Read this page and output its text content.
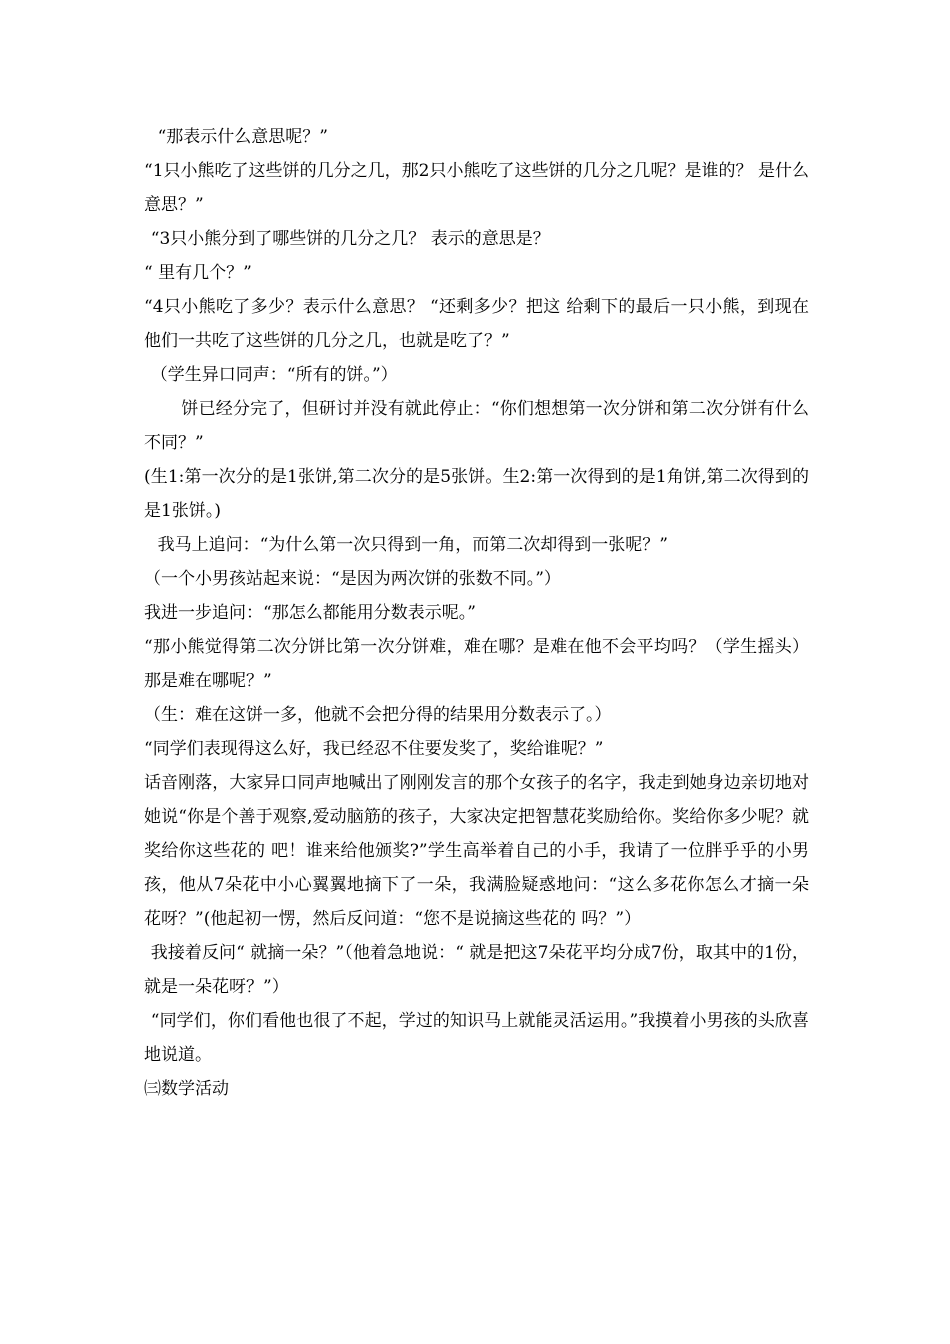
“那表示什么意思呢？”

“1只小熊吃了这些饼的几分之几，那2只小熊吃了这些饼的几分之几呢？是谁的？ 是什么意思？”

“3只小熊分到了哪些饼的几分之几？ 表示的意思是？

“ 里有几个？”

“4只小熊吃了多少？表示什么意思？ “还剩多少？把这 给剩下的最后一只小熊，到现在他们一共吃了这些饼的几分之几，也就是吃了？”

（学生异口同声：“所有的饼。”）

饼已经分完了，但研讨并没有就此停止：“你们想想第一次分饼和第二次分饼有什么不同？”

(生1:第一次分的是1张饼,第二次分的是5张饼。生2:第一次得到的是1角饼,第二次得到的是1张饼。)

我马上追问：“为什么第一次只得到一角，而第二次却得到一张呢？”

（一个小男孩站起来说：“是因为两次饼的张数不同。”）

我进一步追问：“那怎么都能用分数表示呢。”

“那小熊觉得第二次分饼比第一次分饼难，难在哪？是难在他不会平均吗？（学生摇头）那是难在哪呢？”

（生：难在这饼一多，他就不会把分得的结果用分数表示了。）

“同学们表现得这么好，我已经忍不住要发奖了，奖给谁呢？”

话音刚落，大家异口同声地喊出了刚刚发言的那个女孩子的名字，我走到她身边亲切地对她说“你是个善于观察,爱动脑筋的孩子，大家决定把智慧花奖励给你。奖给你多少呢？就奖给你这些花的 吧！谁来给他颁奖?”学生高举着自己的小手，我请了一位胖乎乎的小男孩，他从7朵花中小心翼翼地摘下了一朵，我满脸疑惑地问：“这么多花你怎么才摘一朵花呀？”(他起初一愣，然后反问道：“您不是说摘这些花的 吗？”）

我接着反问“ 就摘一朵？”（他着急地说：“ 就是把这7朵花平均分成7份，取其中的1份，就是一朵花呀？”）

“同学们，你们看他也很了不起，学过的知识马上就能灵活运用。”我摸着小男孩的头欣喜地说道。

㈢数学活动
